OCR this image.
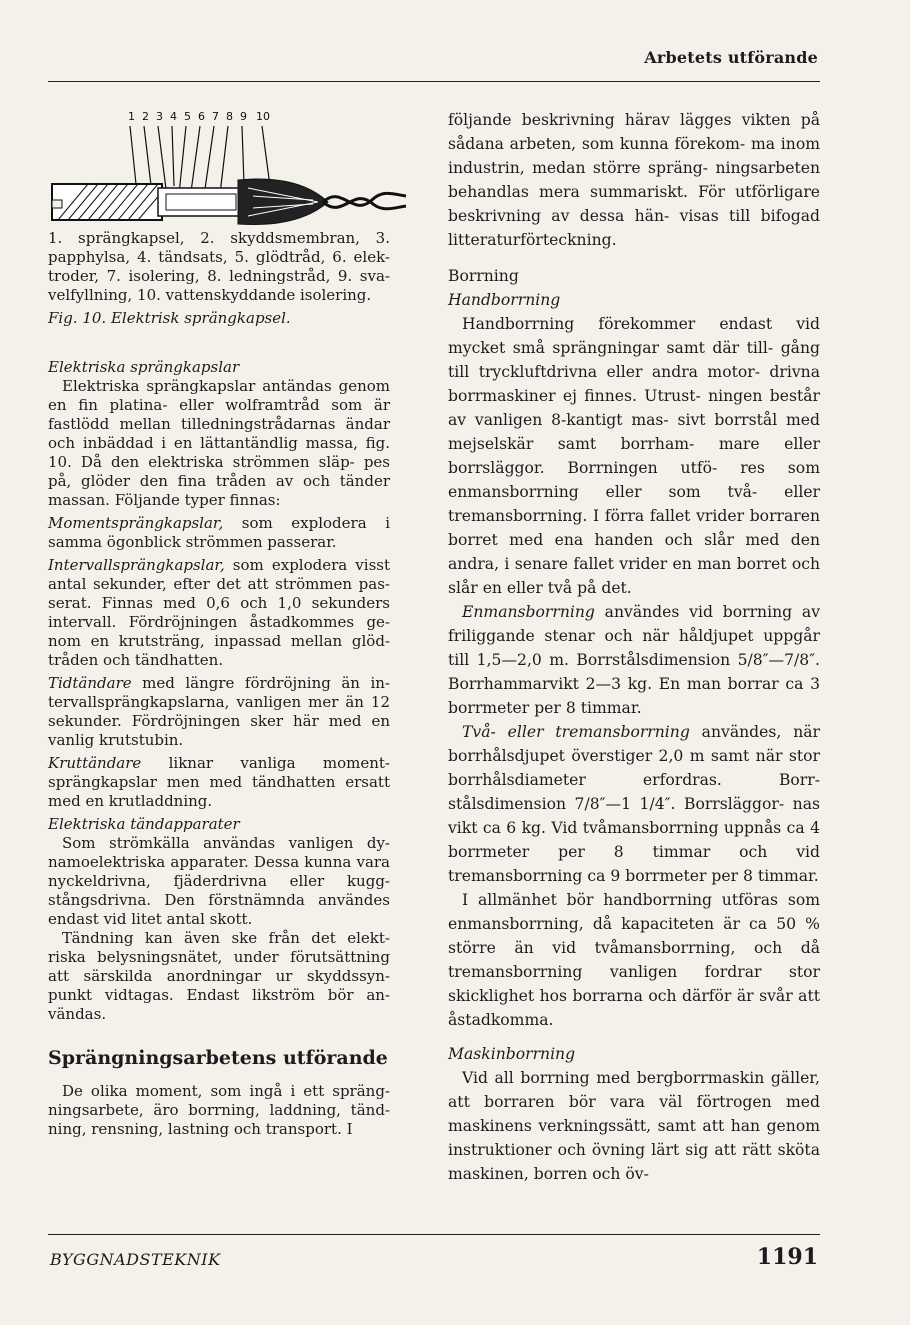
Arbetets utförande
1 2 3 4 5 6 7 8 9 10
1. sprängkapsel, 2. skyddsmembran, 3. papphylsa, 4. tändsats, 5. glödtråd, 6. elek- troder, 7. isolering, 8. ledningstråd, 9. sva- velfyllning, 10. vattenskyddande isolering.
Fig. 10. Elektrisk sprängkapsel.
Elektriska sprängkapslar

Elektriska sprängkapslar antändas genom en fin platina- eller wolframtråd som är fastlödd mellan tilledningstrådarnas ändar och inbäddad i en lättantändlig massa, fig. 10. Då den elektriska strömmen släp- pes på, glöder den fina tråden av och tänder massan. Följande typer finnas:

Momentsprängkapslar, som explodera i samma ögonblick strömmen passerar.

Intervallsprängkapslar, som explodera visst antal sekunder, efter det att strömmen pas- serat. Finnas med 0,6 och 1,0 sekunders intervall. Fördröjningen åstadkommes ge- nom en krutsträng, inpassad mellan glöd- tråden och tändhatten.

Tidtändare med längre fördröjning än in- tervallsprängkapslarna, vanligen mer än 12 sekunder. Fördröjningen sker här med en vanlig krutstubin.

Kruttändare liknar vanliga moment- sprängkapslar men med tändhatten ersatt med en krutladdning.

Elektriska tändapparater

Som strömkälla användas vanligen dy- namoelektriska apparater. Dessa kunna vara nyckeldrivna, fjäderdrivna eller kugg- stångsdrivna. Den förstnämnda användes endast vid litet antal skott.

Tändning kan även ske från det elekt- riska belysningsnätet, under förutsättning att särskilda anordningar ur skyddssyn- punkt vidtagas. Endast likström bör an- vändas.

Sprängningsarbetens utförande

De olika moment, som ingå i ett spräng- ningsarbete, äro borrning, laddning, tänd- ning, rensning, lastning och transport. I

följande beskrivning härav lägges vikten på sådana arbeten, som kunna förekom- ma inom industrin, medan större spräng- ningsarbeten behandlas mera summariskt. För utförligare beskrivning av dessa hän- visas till bifogad litteraturförteckning.

Borrning
Handborrning

Handborrning förekommer endast vid mycket små sprängningar samt där till- gång till tryckluftdrivna eller andra motor- drivna borrmaskiner ej finnes. Utrust- ningen består av vanligen 8-kantigt mas- sivt borrstål med mejselskär samt borrham- mare eller borrsläggor. Borrningen utfö- res som enmansborrning eller som två- eller tremansborrning. I förra fallet vrider borraren borret med ena handen och slår med den andra, i senare fallet vrider en man borret och slår en eller två på det.

Enmansborrning användes vid borrning av friliggande stenar och när håldjupet uppgår till 1,5—2,0 m. Borrstålsdimension 5/8″—7/8″. Borrhammarvikt 2—3 kg. En man borrar ca 3 borrmeter per 8 timmar.

Två- eller tremansborrning användes, när borrhålsdjupet överstiger 2,0 m samt när stor borrhålsdiameter erfordras. Borr- stålsdimension 7/8″—1 1/4″. Borrsläggor- nas vikt ca 6 kg. Vid tvåmansborrning uppnås ca 4 borrmeter per 8 timmar och vid tremansborrning ca 9 borrmeter per 8 timmar.

I allmänhet bör handborrning utföras som enmansborrning, då kapaciteten är ca 50 % större än vid tvåmansborrning, och då tremansborrning vanligen fordrar stor skicklighet hos borrarna och därför är svår att åstadkomma.

Maskinborrning

Vid all borrning med bergborrmaskin gäller, att borraren bör vara väl förtrogen med maskinens verkningssätt, samt att han genom instruktioner och övning lärt sig att rätt sköta maskinen, borren och öv-

BYGGNADSTEKNIK	1191
